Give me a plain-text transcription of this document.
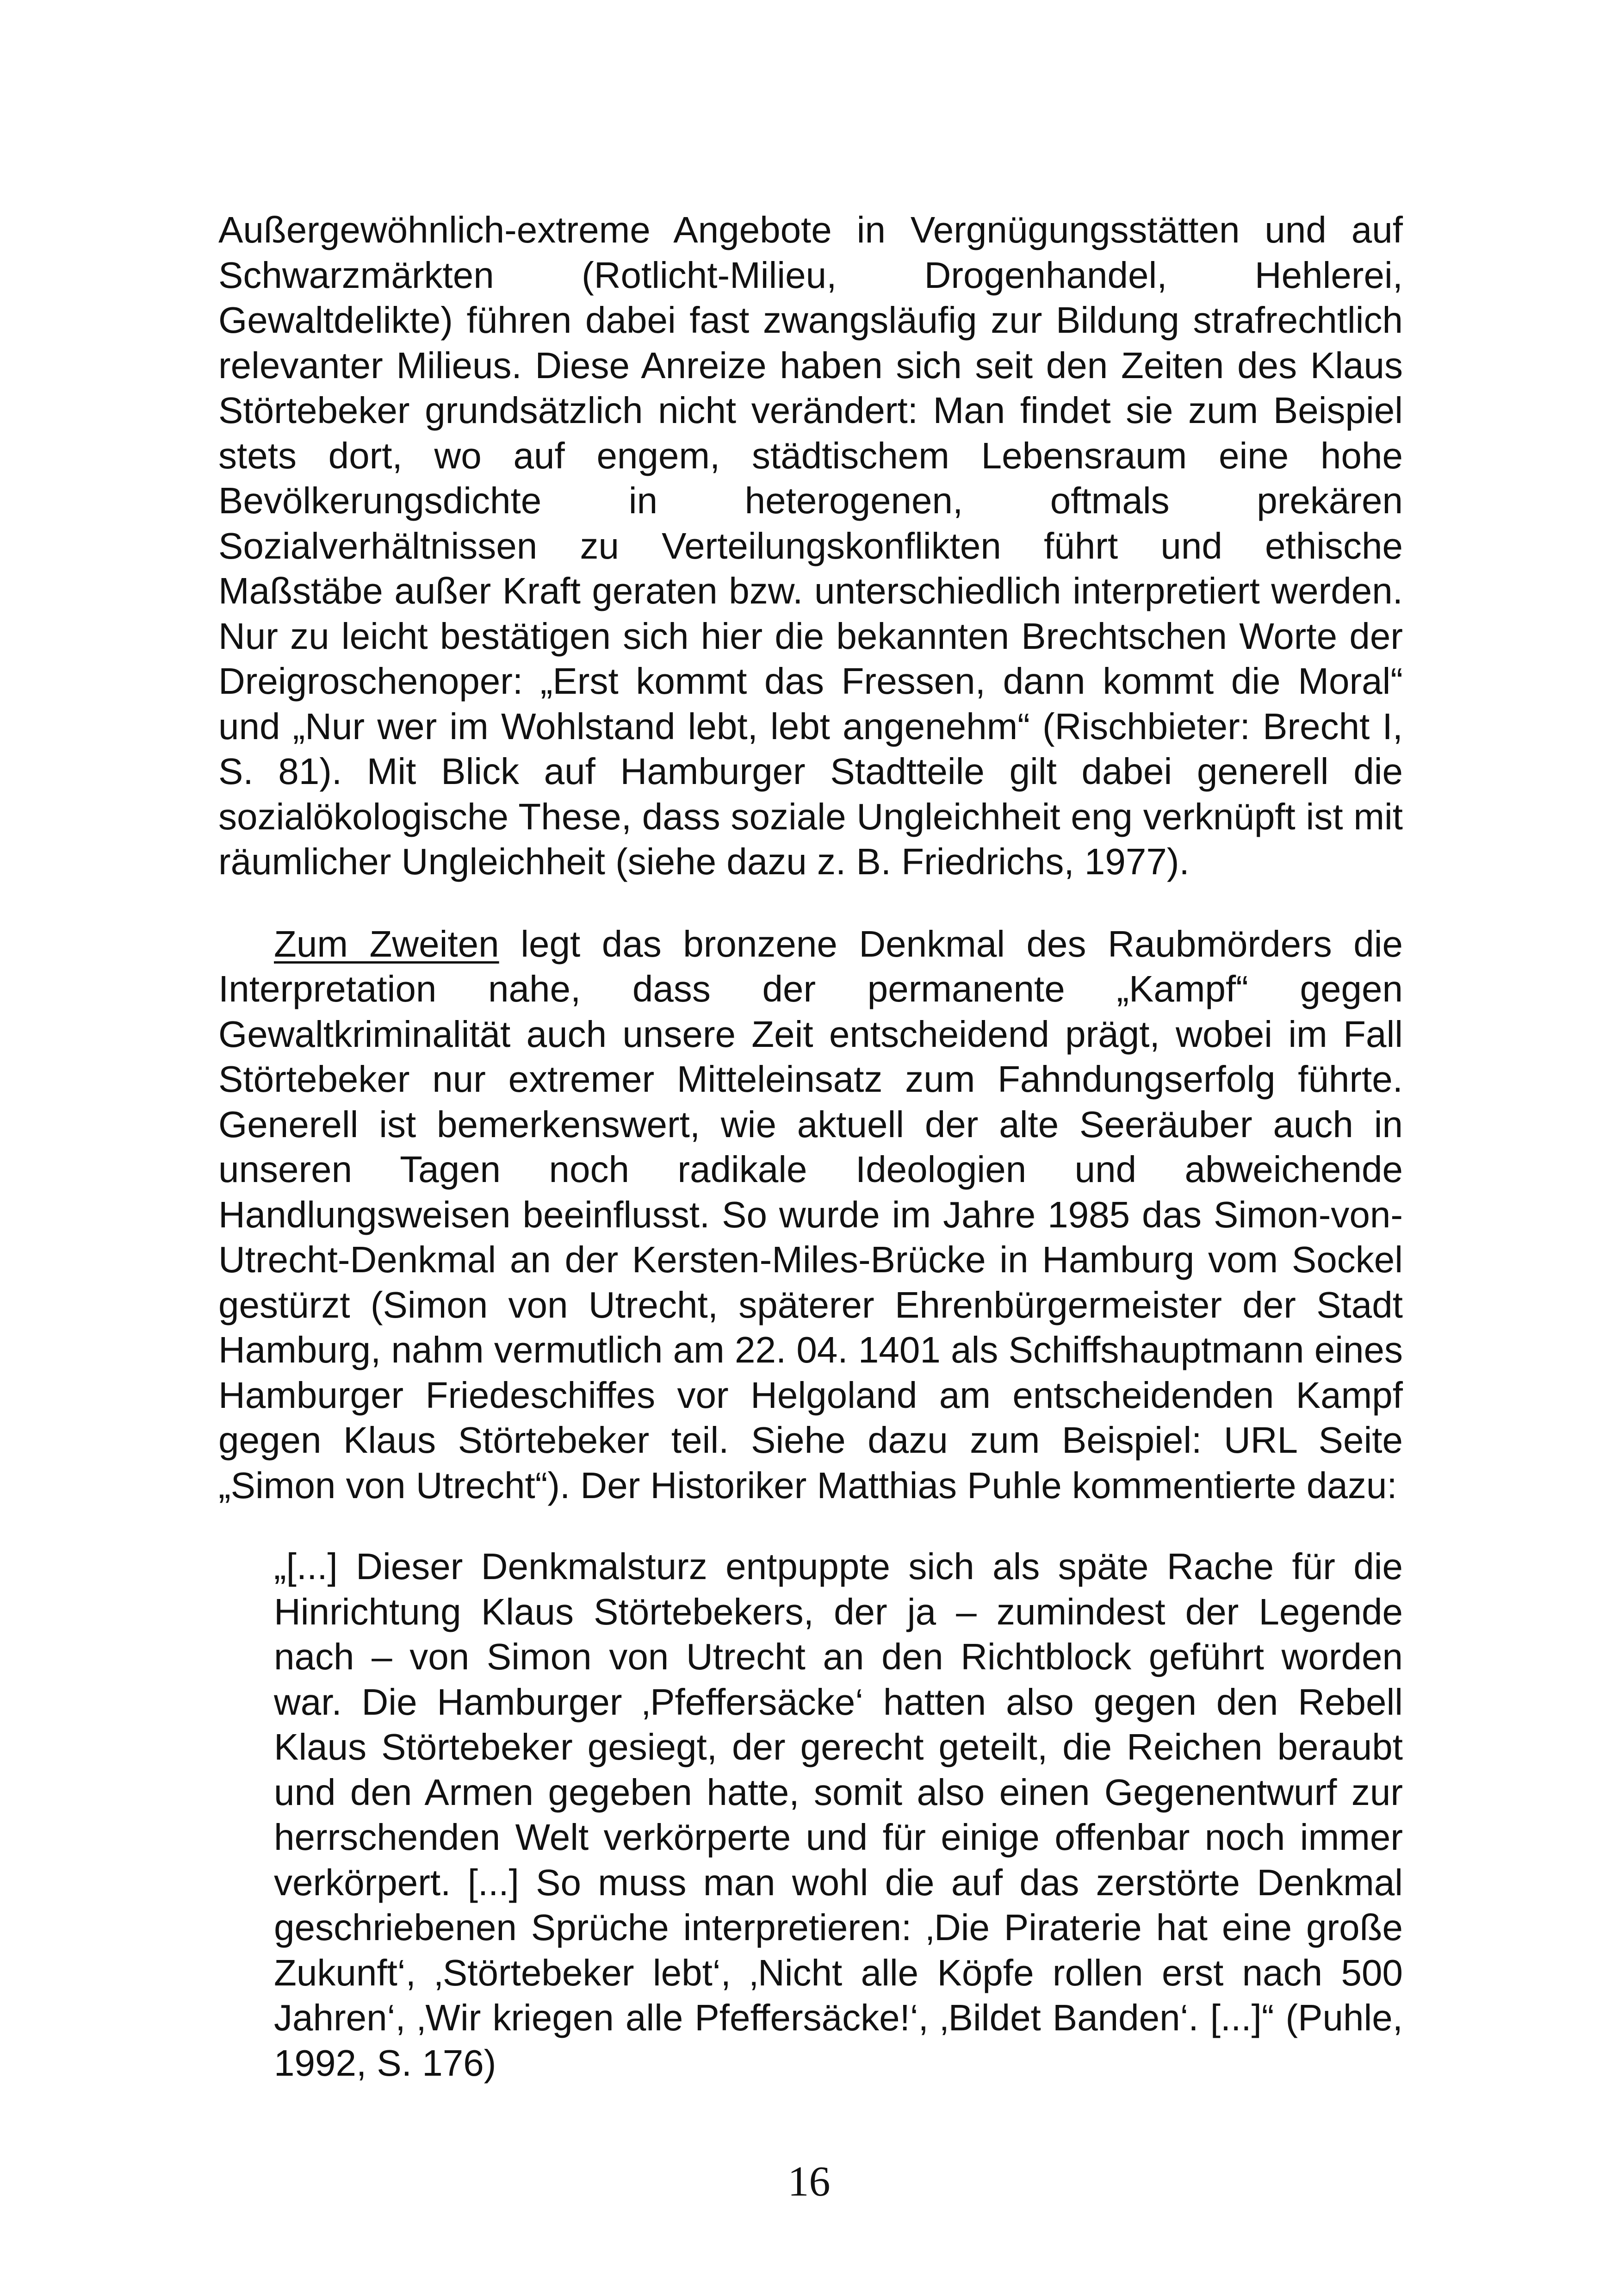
Außergewöhnlich-extreme Angebote in Vergnügungsstätten und auf Schwarzmärkten (Rotlicht-Milieu, Drogenhandel, Hehlerei, Gewaltdelikte) führen dabei fast zwangsläufig zur Bildung strafrechtlich relevanter Milieus. Diese Anreize haben sich seit den Zeiten des Klaus Störtebeker grundsätzlich nicht verändert: Man findet sie zum Beispiel stets dort, wo auf engem, städtischem Lebensraum eine hohe Bevölkerungsdichte in heterogenen, oftmals prekären Sozialverhältnissen zu Verteilungskonflikten führt und ethische Maßstäbe außer Kraft geraten bzw. unterschiedlich interpretiert werden. Nur zu leicht bestätigen sich hier die bekannten Brechtschen Worte der Dreigroschenoper: „Erst kommt das Fressen, dann kommt die Moral“ und „Nur wer im Wohlstand lebt, lebt angenehm“ (Rischbieter: Brecht I, S. 81). Mit Blick auf Hamburger Stadtteile gilt dabei generell die sozialökologische These, dass soziale Ungleichheit eng verknüpft ist mit räumlicher Ungleichheit (siehe dazu z. B. Friedrichs, 1977).

Zum Zweiten legt das bronzene Denkmal des Raubmörders die Interpretation nahe, dass der permanente „Kampf“ gegen Gewaltkriminalität auch unsere Zeit entscheidend prägt, wobei im Fall Störtebeker nur extremer Mitteleinsatz zum Fahndungserfolg führte. Generell ist bemerkenswert, wie aktuell der alte Seeräuber auch in unseren Tagen noch radikale Ideologien und abweichende Handlungsweisen beeinflusst. So wurde im Jahre 1985 das Simon-von-Utrecht-Denkmal an der Kersten-Miles-Brücke in Hamburg vom Sockel gestürzt (Simon von Utrecht, späterer Ehrenbürgermeister der Stadt Hamburg, nahm vermutlich am 22. 04. 1401 als Schiffshauptmann eines Hamburger Friedeschiffes vor Helgoland am entscheidenden Kampf gegen Klaus Störtebeker teil. Siehe dazu zum Beispiel: URL Seite „Simon von Utrecht“). Der Historiker Matthias Puhle kommentierte dazu:

„[...] Dieser Denkmalsturz entpuppte sich als späte Rache für die Hinrichtung Klaus Störtebekers, der ja – zumindest der Legende nach – von Simon von Utrecht an den Richtblock geführt worden war. Die Hamburger ‚Pfeffersäcke‘ hatten also gegen den Rebell Klaus Störtebeker gesiegt, der gerecht geteilt, die Reichen beraubt und den Armen gegeben hatte, somit also einen Gegenentwurf zur herrschenden Welt verkörperte und für einige offenbar noch immer verkörpert. [...] So muss man wohl die auf das zerstörte Denkmal geschriebenen Sprüche interpretieren: ‚Die Piraterie hat eine große Zukunft‘, ‚Störtebeker lebt‘, ‚Nicht alle Köpfe rollen erst nach 500 Jahren‘, ‚Wir kriegen alle Pfeffersäcke!‘, ‚Bildet Banden‘. [...]“ (Puhle, 1992, S. 176)

16
